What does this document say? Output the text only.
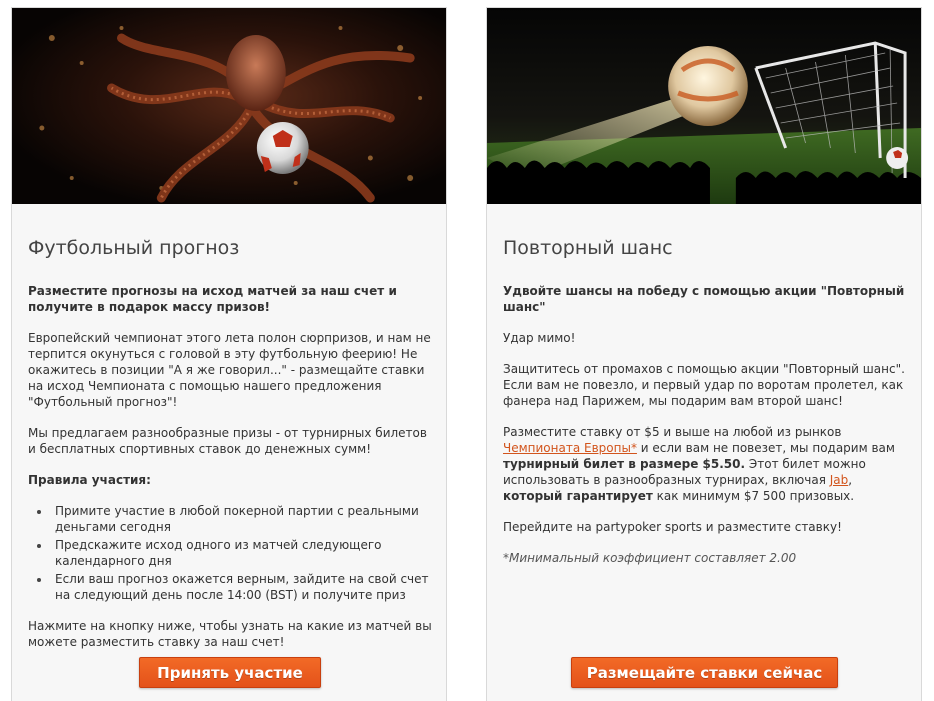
Футбольный прогноз

Разместите прогнозы на исход матчей за наш счет и получите в подарок массу призов!

Европейский чемпионат этого лета полон сюрпризов, и нам не терпится окунуться с головой в эту футбольную феерию! Не окажитесь в позиции "А я же говорил..." - размещайте ставки на исход Чемпионата с помощью нашего предложения "Футбольный прогноз"!

Мы предлагаем разнообразные призы - от турнирных билетов и бесплатных спортивных ставок до денежных сумм!

Правила участия:

Примите участие в любой покерной партии с реальными деньгами сегодня
Предскажите исход одного из матчей следующего календарного дня
Если ваш прогноз окажется верным, зайдите на свой счет на следующий день после 14:00 (BST) и получите приз

Нажмите на кнопку ниже, чтобы узнать на какие из матчей вы можете разместить ставку за наш счет!

Принять участие
Повторный шанс

Удвойте шансы на победу с помощью акции "Повторный шанс"

Удар мимо!

Защититесь от промахов с помощью акции "Повторный шанс". Если вам не повезло, и первый удар по воротам пролетел, как фанера над Парижем, мы подарим вам второй шанс!

Разместите ставку от $5 и выше на любой из рынков Чемпионата Европы* и если вам не повезет, мы подарим вам турнирный билет в размере $5.50. Этот билет можно использовать в разнообразных турнирах, включая Jab, который гарантирует как минимум $7 500 призовых.

Перейдите на partypoker sports и разместите ставку!

*Минимальный коэффициент составляет 2.00

Размещайте ставки сейчас
